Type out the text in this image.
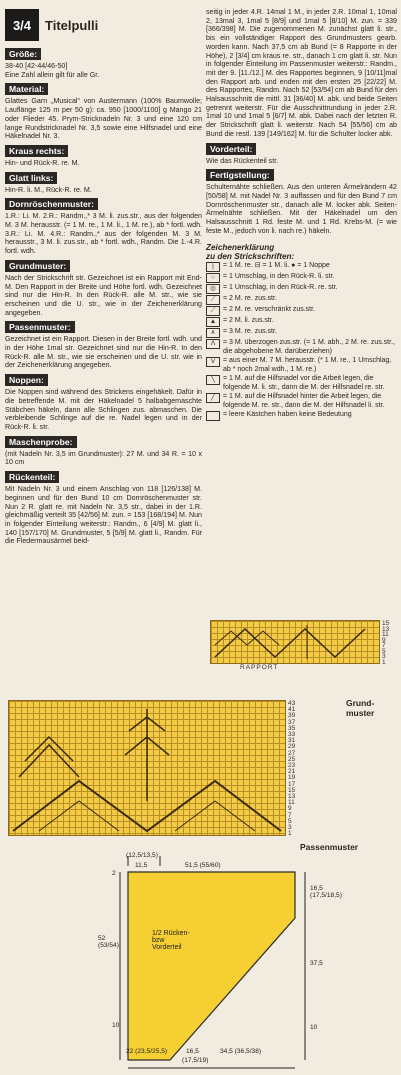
3/4	Titelpulli
Größe:
38-40 [42-44/46-50]
Eine Zahl allein gilt für alle Gr.
Material:
Glattes Garn „Musical“ von Austermann (100% Baumwolle; Lauflänge 125 m per 50 g): ca. 950 [1000/1100] g Mango 21 oder Flieder 45. Prym-Stricknadeln Nr. 3 und eine 120 cm lange Rundstricknadel Nr. 3,5 sowie eine Hilfsnadel und eine Häkelnadel Nr. 3.
Kraus rechts:
Hin- und Rück-R. re. M.
Glatt links:
Hin-R. li. M., Rück-R. re. M.
Dornröschenmuster:
1.R.: Li. M. 2.R.: Randm.,* 3 M. li. zus.str., aus der folgenden M. 3 M. herausstr. (= 1 M. re., 1 M. li., 1 M. re.), ab * fortl. wdh. 3.R.: Li. M. 4.R.: Randm.,* aus der folgenden M. 3 M. herausstr., 3 M. li. zus.str., ab * fortl. wdh., Randm. Die 1.-4.R. fortl. wdh.
Grundmuster:
Nach der Strickschrift str. Gezeichnet ist ein Rapport mit End-M. Den Rapport in der Breite und Höhe fortl. wdh. Gezeichnet sind nur die Hin-R. In den Rück-R. alle M. str., wie sie erscheinen und die U. str., wie in der Zeichenerklärung angegeben.
Passenmuster:
Gezeichnet ist ein Rapport. Diesen in der Breite fortl. wdh. und in der Höhe 1mal str. Gezeichnet sind nur die Hin-R. In den Rück-R. alle M. str., wie sie erscheinen und die U. str. wie in der Zeichenerklärung angegeben.
Noppen:
Die Noppen sind während des Strickens eingehäkelt. Dafür in die betreffende M. mit der Häkelnadel 5 halbabgemaschte Stäbchen häkeln, dann alle Schlingen zus. abmaschen. Die verbleibende Schlinge auf die re. Nadel legen und in der Rück-R. li. str.
Maschenprobe:
(mit Nadeln Nr. 3,5 im Grundmuster): 27 M. und 34 R. = 10 x 10 cm
Rückenteil:
Mit Nadeln Nr. 3 und einem Anschlag von 118 [126/138] M. beginnen und für den Bund 10 cm Dornröschenmuster str. Nun 2 R. glatt re. mit Nadeln Nr. 3,5 str., dabei in der 1.R. gleichmäßig verteilt 35 [42/56] M. zun. = 153 [168/194] M. Nun in folgender Einteilung weiterstr.: Randm., 6 [4/9] M. glatt li., 140 [157/170] M. Grundmuster, 5 [5/9] M. glatt li., Randm. Für die Fledermausärmel beid-
seitig in jeder 4.R. 14mal 1 M., in jeder 2.R. 10mal 1, 10mal 2, 13mal 3, 1mal 5 [8/9] und 1mal 5 [8/10] M. zun. = 339 [366/398] M. Die zugenommenen M. zunächst glatt li. str., bis ein vollständiger Rapport des Grundmusters gearb. worden kann. Nach 37,5 cm ab Bund (= 8 Rapporte in der Höhe), 2 [3/4] cm kraus re. str., danach 1 cm glatt li. str. Nun in folgender Einteilung im Passenmuster weiterstr.: Randm., mit der 9. [11./12.] M. des Rapportes beginnen, 9 [10/11]mal den Rapport arb. und enden mit den ersten 25 [22/22] M. des Rapportes, Randm. Nach 52 [53/54] cm ab Bund für den Halsausschnitt die mittl. 31 [36/40] M. abk. und beide Seiten getrennt weiterstr. Für die Ausschnittrundung in jeder 2.R. 1mal 10 und 1mal 5 [6/7] M. abk. Dabei nach der letzten R. der Strickschrift glatt li. weiterstr. Nach 54 [55/56] cm ab Bund die restl. 139 [149/162] M. für die Schulter locker abk.
Vorderteil:
Wie das Rückenteil str.
Fertigstellung:
Schulternähte schließen. Aus den unteren Ärmelrändern 42 [50/58] M. mit Nadel Nr. 3 auffassen und für den Bund 7 cm Dornröschenmuster str., danach alle M. locker abk. Seiten- Ärmelnähte schließen. Mit der Häkelnadel um den Halsausschnitt 1 Rd. feste M. und 1 Rd. Krebs-M. (= wie feste M., jedoch von li. nach re.) häkeln.
Zeichenerklärung
zu den Strickschriften:
|	= 1 M. re. ⊟ = 1 M. li. ● = 1 Noppe
○	= 1 Umschlag, in den Rück-R. li. str.
◎	= 1 Umschlag, in den Rück-R. re. str.
⟋	= 2 M. re. zus.str.
⟋	= 2 M. re. verschränkt zus.str.
▲ = 2 M. li. zus.str.
∧	= 3 M. re. zus.str.
Λ	= 3 M. überzogen zus.str. (= 1 M. abh., 2 M. re. zus.str., die abgehobene M. darüberziehen)
V	= aus einer M. 7 M. herausstr. (* 1 M. re., 1 Umschlag, ab * noch 2mal wdh., 1 M. re.)
╲	= 1 M. auf die Hilfsnadel vor die Arbeit legen, die folgende M. li. str., dann die M. der Hilfsnadel re. str.
╱	= 1 M. auf die Hilfsnadel hinter die Arbeit legen, die folgende M. re. str., dann die M. der Hilfsnadel li. str.
= leere Kästchen haben keine Bedeutung
15
13
11
9
7
5
3
1
RAPPORT
Grund-
muster
43
41
39
37
35
33
31
29
27
25
23
21
19
17
15
13
11
9
7
5
3
1
Passenmuster
(12,5/13,5)
11,5	51,5 (55/60)
2
1/2 Rücken-
bzw
Vorderteil
52
(53/54)
10
16,5
(17,5/18,5)
37,5
10
22 (23,5/25,5)	16,5
(17,5/19)
34,5 (36,5/38)
